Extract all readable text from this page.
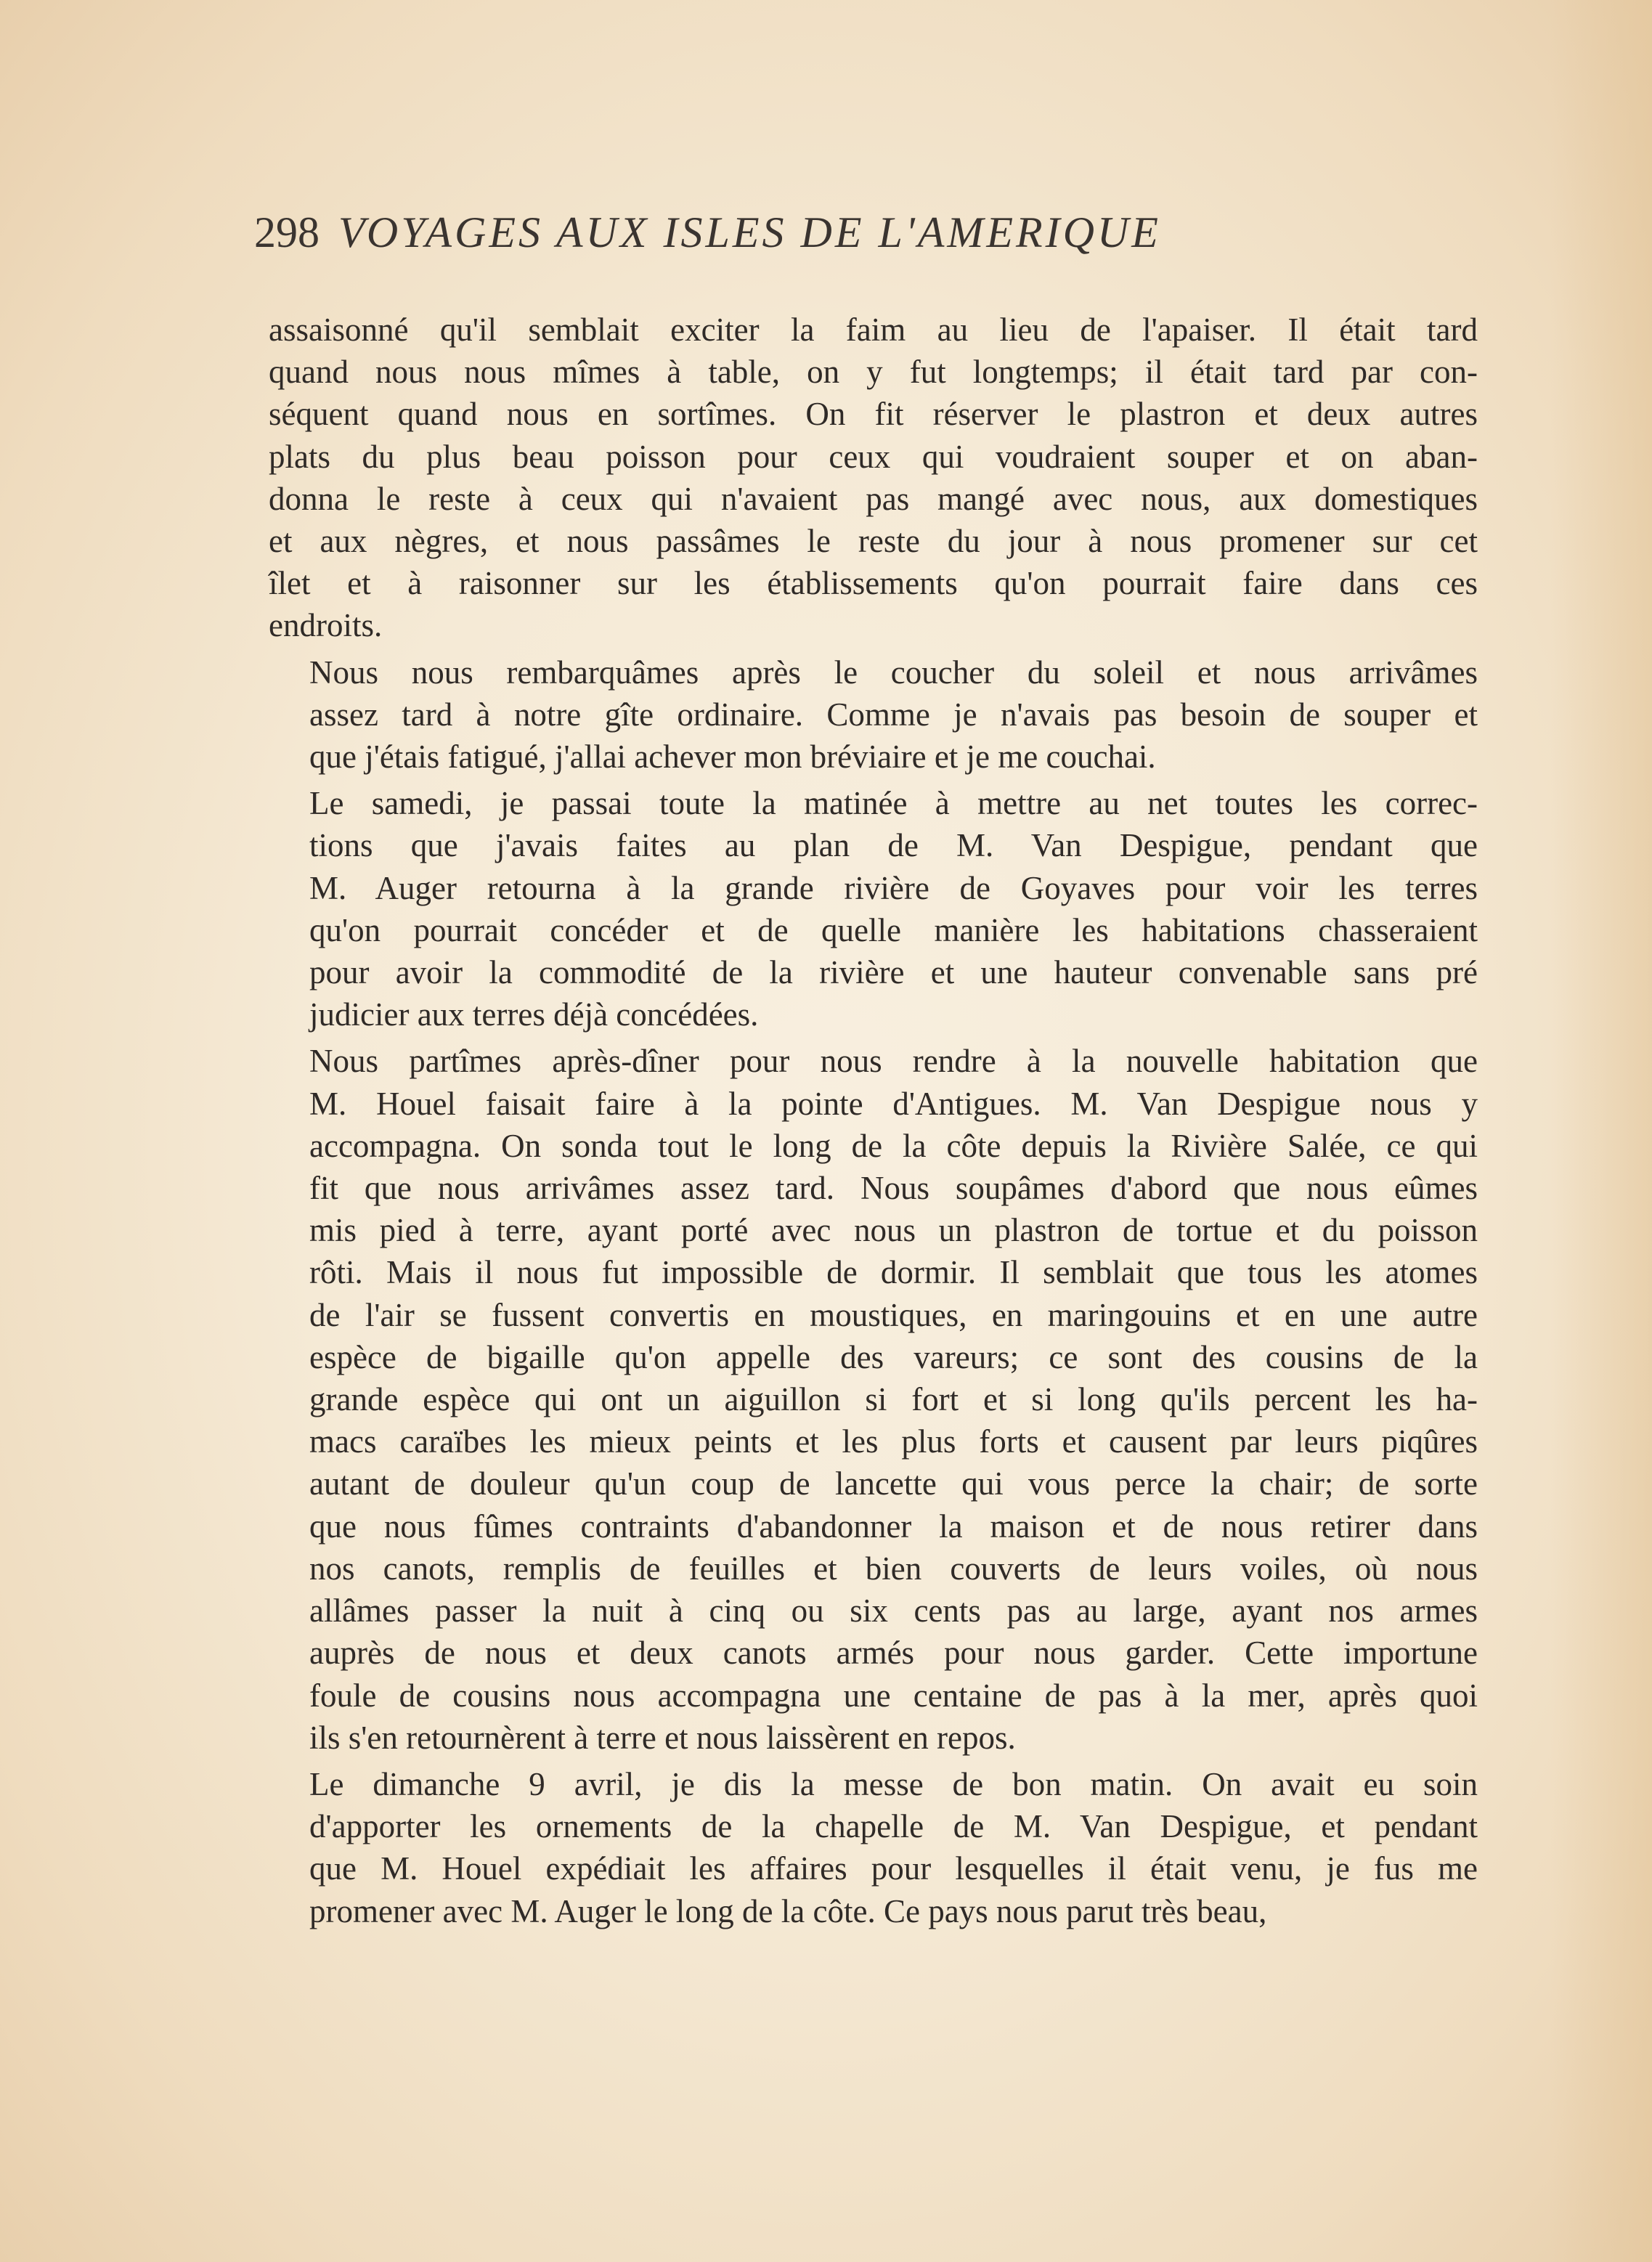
298 VOYAGES AUX ISLES DE L'AMERIQUE
assaisonné qu'il semblait exciter la faim au lieu de l'apaiser. Il était tard
quand nous nous mîmes à table, on y fut longtemps; il était tard par con-
séquent quand nous en sortîmes. On fit réserver le plastron et deux autres
plats du plus beau poisson pour ceux qui voudraient souper et on aban-
donna le reste à ceux qui n'avaient pas mangé avec nous, aux domestiques
et aux nègres, et nous passâmes le reste du jour à nous promener sur cet
îlet et à raisonner sur les établissements qu'on pourrait faire dans ces
endroits.
Nous nous rembarquâmes après le coucher du soleil et nous arrivâmes
assez tard à notre gîte ordinaire. Comme je n'avais pas besoin de souper et
que j'étais fatigué, j'allai achever mon bréviaire et je me couchai.
Le samedi, je passai toute la matinée à mettre au net toutes les correc-
tions que j'avais faites au plan de M. Van Despigue, pendant que
M. Auger retourna à la grande rivière de Goyaves pour voir les terres
qu'on pourrait concéder et de quelle manière les habitations chasseraient
pour avoir la commodité de la rivière et une hauteur convenable sans pré
judicier aux terres déjà concédées.
Nous partîmes après-dîner pour nous rendre à la nouvelle habitation que
M. Houel faisait faire à la pointe d'Antigues. M. Van Despigue nous y
accompagna. On sonda tout le long de la côte depuis la Rivière Salée, ce qui
fit que nous arrivâmes assez tard. Nous soupâmes d'abord que nous eûmes
mis pied à terre, ayant porté avec nous un plastron de tortue et du poisson
rôti. Mais il nous fut impossible de dormir. Il semblait que tous les atomes
de l'air se fussent convertis en moustiques, en maringouins et en une autre
espèce de bigaille qu'on appelle des vareurs; ce sont des cousins de la
grande espèce qui ont un aiguillon si fort et si long qu'ils percent les ha-
macs caraïbes les mieux peints et les plus forts et causent par leurs piqûres
autant de douleur qu'un coup de lancette qui vous perce la chair; de sorte
que nous fûmes contraints d'abandonner la maison et de nous retirer dans
nos canots, remplis de feuilles et bien couverts de leurs voiles, où nous
allâmes passer la nuit à cinq ou six cents pas au large, ayant nos armes
auprès de nous et deux canots armés pour nous garder. Cette importune
foule de cousins nous accompagna une centaine de pas à la mer, après quoi
ils s'en retournèrent à terre et nous laissèrent en repos.
Le dimanche 9 avril, je dis la messe de bon matin. On avait eu soin
d'apporter les ornements de la chapelle de M. Van Despigue, et pendant
que M. Houel expédiait les affaires pour lesquelles il était venu, je fus me
promener avec M. Auger le long de la côte. Ce pays nous parut très beau,
